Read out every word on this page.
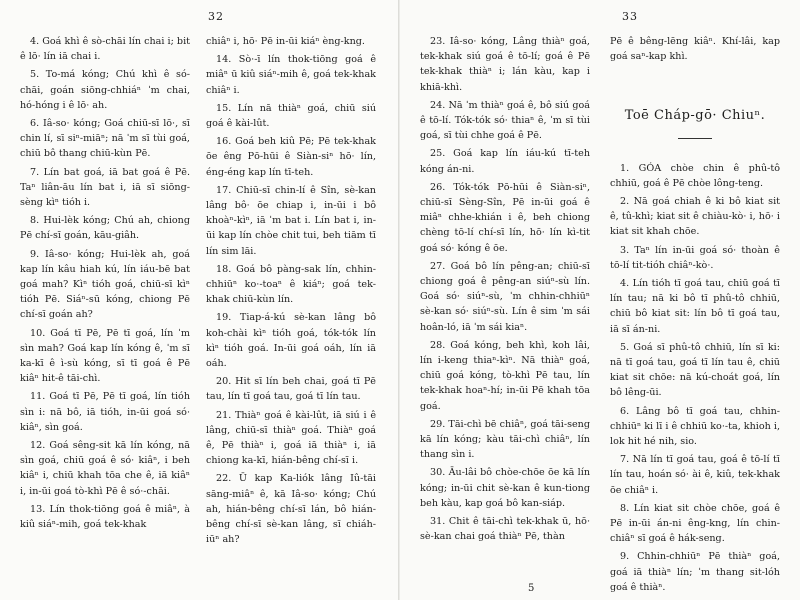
32

4. Goá khì ê sò-chāi lín chai i; bit ê lō· lín iā chai i.

5. To-má kóng; Chú khì ê só-chāi, goán siōng-chhiáⁿ ˈm chai, hó-hóng i ê lō· ah.

6. Iâ-so· kóng; Goá chiū-sī lō·, sī chin lí, sī siⁿ-miāⁿ; nā ˈm sī tùi goá, chiū bô thang chiū-kùn Pē.

7. Lín bat goá, iā bat goá ê Pē. Taⁿ liân-āu lín bat i, iā sī siōng-sèng kìⁿ tióh i.

8. Hui-lèk kóng; Chú ah, chiong Pē chí-sī goán, kāu-giâh.

9. Iâ-so· kóng; Hui-lèk ah, goá kap lín kâu hiah kú, lín iáu-bē bat goá mah? Kìⁿ tióh goá, chiū-sī kìⁿ tióh Pē. Siáⁿ-sū kóng, chiong Pē chí-sī goán ah?

10. Goá tī Pē, Pē tī goá, lín ˈm sìn mah? Goá kap lín kóng ê, ˈm sī ka-kī ê ì-sù kóng, sī tī goá ê Pē kiâⁿ hit-ê tāi-chì.

11. Goá tī Pē, Pē tī goá, lín tióh sìn i: nā bô, iā tióh, in-ūi goá só· kiâⁿ, sìn goá.

12. Goá sêng-sit kā lín kóng, nā sìn goá, chiū goá ê só· kiâⁿ, i beh kiâⁿ i, chiū khah tōa che ê, iā kiâⁿ i, in-ūi goá tò-khì Pē ê só·-chāi.

13. Lín thok-tiōng goá ê miâⁿ, à kiû siáⁿ-mih, goá tek-khak

chiâⁿ i, hō· Pē in-ūi kiáⁿ èng-kng.

14. Sò·-ī lín thok-tiōng goá ê miâⁿ ū kiû siáⁿ-mih ê, goá tek-khak chiâⁿ i.

15. Lín nā thiàⁿ goá, chiū siú goá ê kài-lût.

16. Goá beh kiû Pē; Pē tek-khak ōe êng Pō-hūi ê Siàn-siⁿ hō· lín, éng-éng kap lín tī-teh.

17. Chiū-sī chin-lí ê Sîn, sè-kan lâng bô· ōe chiap i, in-ūi i bô khoàⁿ-kìⁿ, iā ˈm bat i. Lín bat i, in-ūi kap lín chòe chit tui, beh tiām tī lín sim lāi.

18. Goá bô pàng-sak lín, chhin-chhiūⁿ ko·-toaⁿ ê kiáⁿ; goá tek-khak chiū-kùn lín.

19. Tiap-á-kú sè-kan lâng bô koh-chài kìⁿ tióh goá, tók-tók lín kìⁿ tióh goá. In-ūi goá oáh, lín iā oáh.

20. Hit sī lín beh chai, goá tī Pē tau, lín tī goá tau, goá tī lín tau.

21. Thiàⁿ goá ê kài-lût, iā siú i ê lâng, chiū-sī thiàⁿ goá. Thiàⁿ goá ê, Pē thiàⁿ i, goá iā thiàⁿ i, iā chiong ka-kī, hián-bêng chí-sī i.

22. Ū kap Ka-liók lâng Iû-tāi sāng-miâⁿ ê, kā Iâ-so· kóng; Chú ah, hián-bêng chí-sī lán, bô hián-bêng chí-sī sè-kan lâng, sī chiáh-iūⁿ ah?

33

23. Iâ-so· kóng, Lâng thiàⁿ goá, tek-khak siú goá ê tō-lí; goá ê Pē tek-khak thiàⁿ i; lán kàu, kap i khiā-khì.

24. Nā ˈm thiàⁿ goá ê, bô siú goá ê tō-lí. Tók-tók só· thiaⁿ ê, ˈm sī tùi goá, sī tùi chhe goá ê Pē.

25. Goá kap lín iáu-kú tī-teh kóng án-ni.

26. Tók-tók Pō-hūi ê Siàn-siⁿ, chiū-sī Sèng-Sîn, Pē in-ūi goá ê miâⁿ chhe-khián i ê, beh chiong chèng tō-lí chí-sī lín, hō· lín kì-tit goá só· kóng ê ōe.

27. Goá bô lín pêng-an; chiū-sī chiong goá ê pêng-an siúⁿ-sù lín. Goá só· siúⁿ-sù, ˈm chhin-chhiūⁿ sè-kan só· siúⁿ-sù. Lín ê sim ˈm sái hoân-ló, iā ˈm sái kiaⁿ.

28. Goá kóng, beh khì, koh lâi, lín i-keng thiaⁿ-kìⁿ. Nā thiàⁿ goá, chiū goá kóng, tò-khì Pē tau, lín tek-khak hoaⁿ-hí; in-ūi Pē khah tōa goá.

29. Tāi-chì bē chiâⁿ, goá tāi-seng kā lín kóng; kàu tāi-chì chiâⁿ, lín thang sìn i.

30. Āu-lâi bô chòe-chōe ōe kā lín kóng; in-ūi chit sè-kan ê kun-tiong beh kàu, kap goá bô kan-siáp.

31. Chit ê tāi-chì tek-khak ū, hō· sè-kan chai goá thiàⁿ Pē, thàn

Pē ê bêng-lēng kiâⁿ. Khí-lâi, kap goá saⁿ-kap khì.

Toē Cháp-gō· Chiuⁿ.

1. GÓA chòe chin ê phû-tô chhiū, goá ê Pē chòe lông-teng.

2. Nā goá chiah ê ki bô kiat sit ê, tû-khì; kiat sit ê chiàu-kò· i, hō· i kiat sit khah chōe.

3. Taⁿ lín in-ūi goá só· thoàn ê tō-lí tit-tióh chiâⁿ-kò·.

4. Lín tióh tī goá tau, chiū goá tī lín tau; nā ki bô tī phû-tô chhiū, chiū bô kiat sit: lín bô tī goá tau, iā sī án-ni.

5. Goá sī phû-tô chhiū, lín sī ki: nā tī goá tau, goá tī lín tau ê, chiū kiat sit chōe: nā kú-choát goá, lín bô lêng-ūi.

6. Lâng bô tī goá tau, chhin-chhiūⁿ ki lī i ê chhiū ko·-ta, khioh i, lok hit hé nih, sio.

7. Nā lín tī goá tau, goá ê tō-lí tī lín tau, hoán só· ài ê, kiû, tek-khak ōe chiâⁿ i.

8. Lín kiat sit chòe chōe, goá ê Pē in-ūi án-ni êng-kng, lín chin-chiâⁿ sī goá ê hák-seng.

9. Chhin-chhiūⁿ Pē thiàⁿ goá, goá iā thiàⁿ lín; ˈm thang sit-lóh goá ê thiàⁿ.

5
